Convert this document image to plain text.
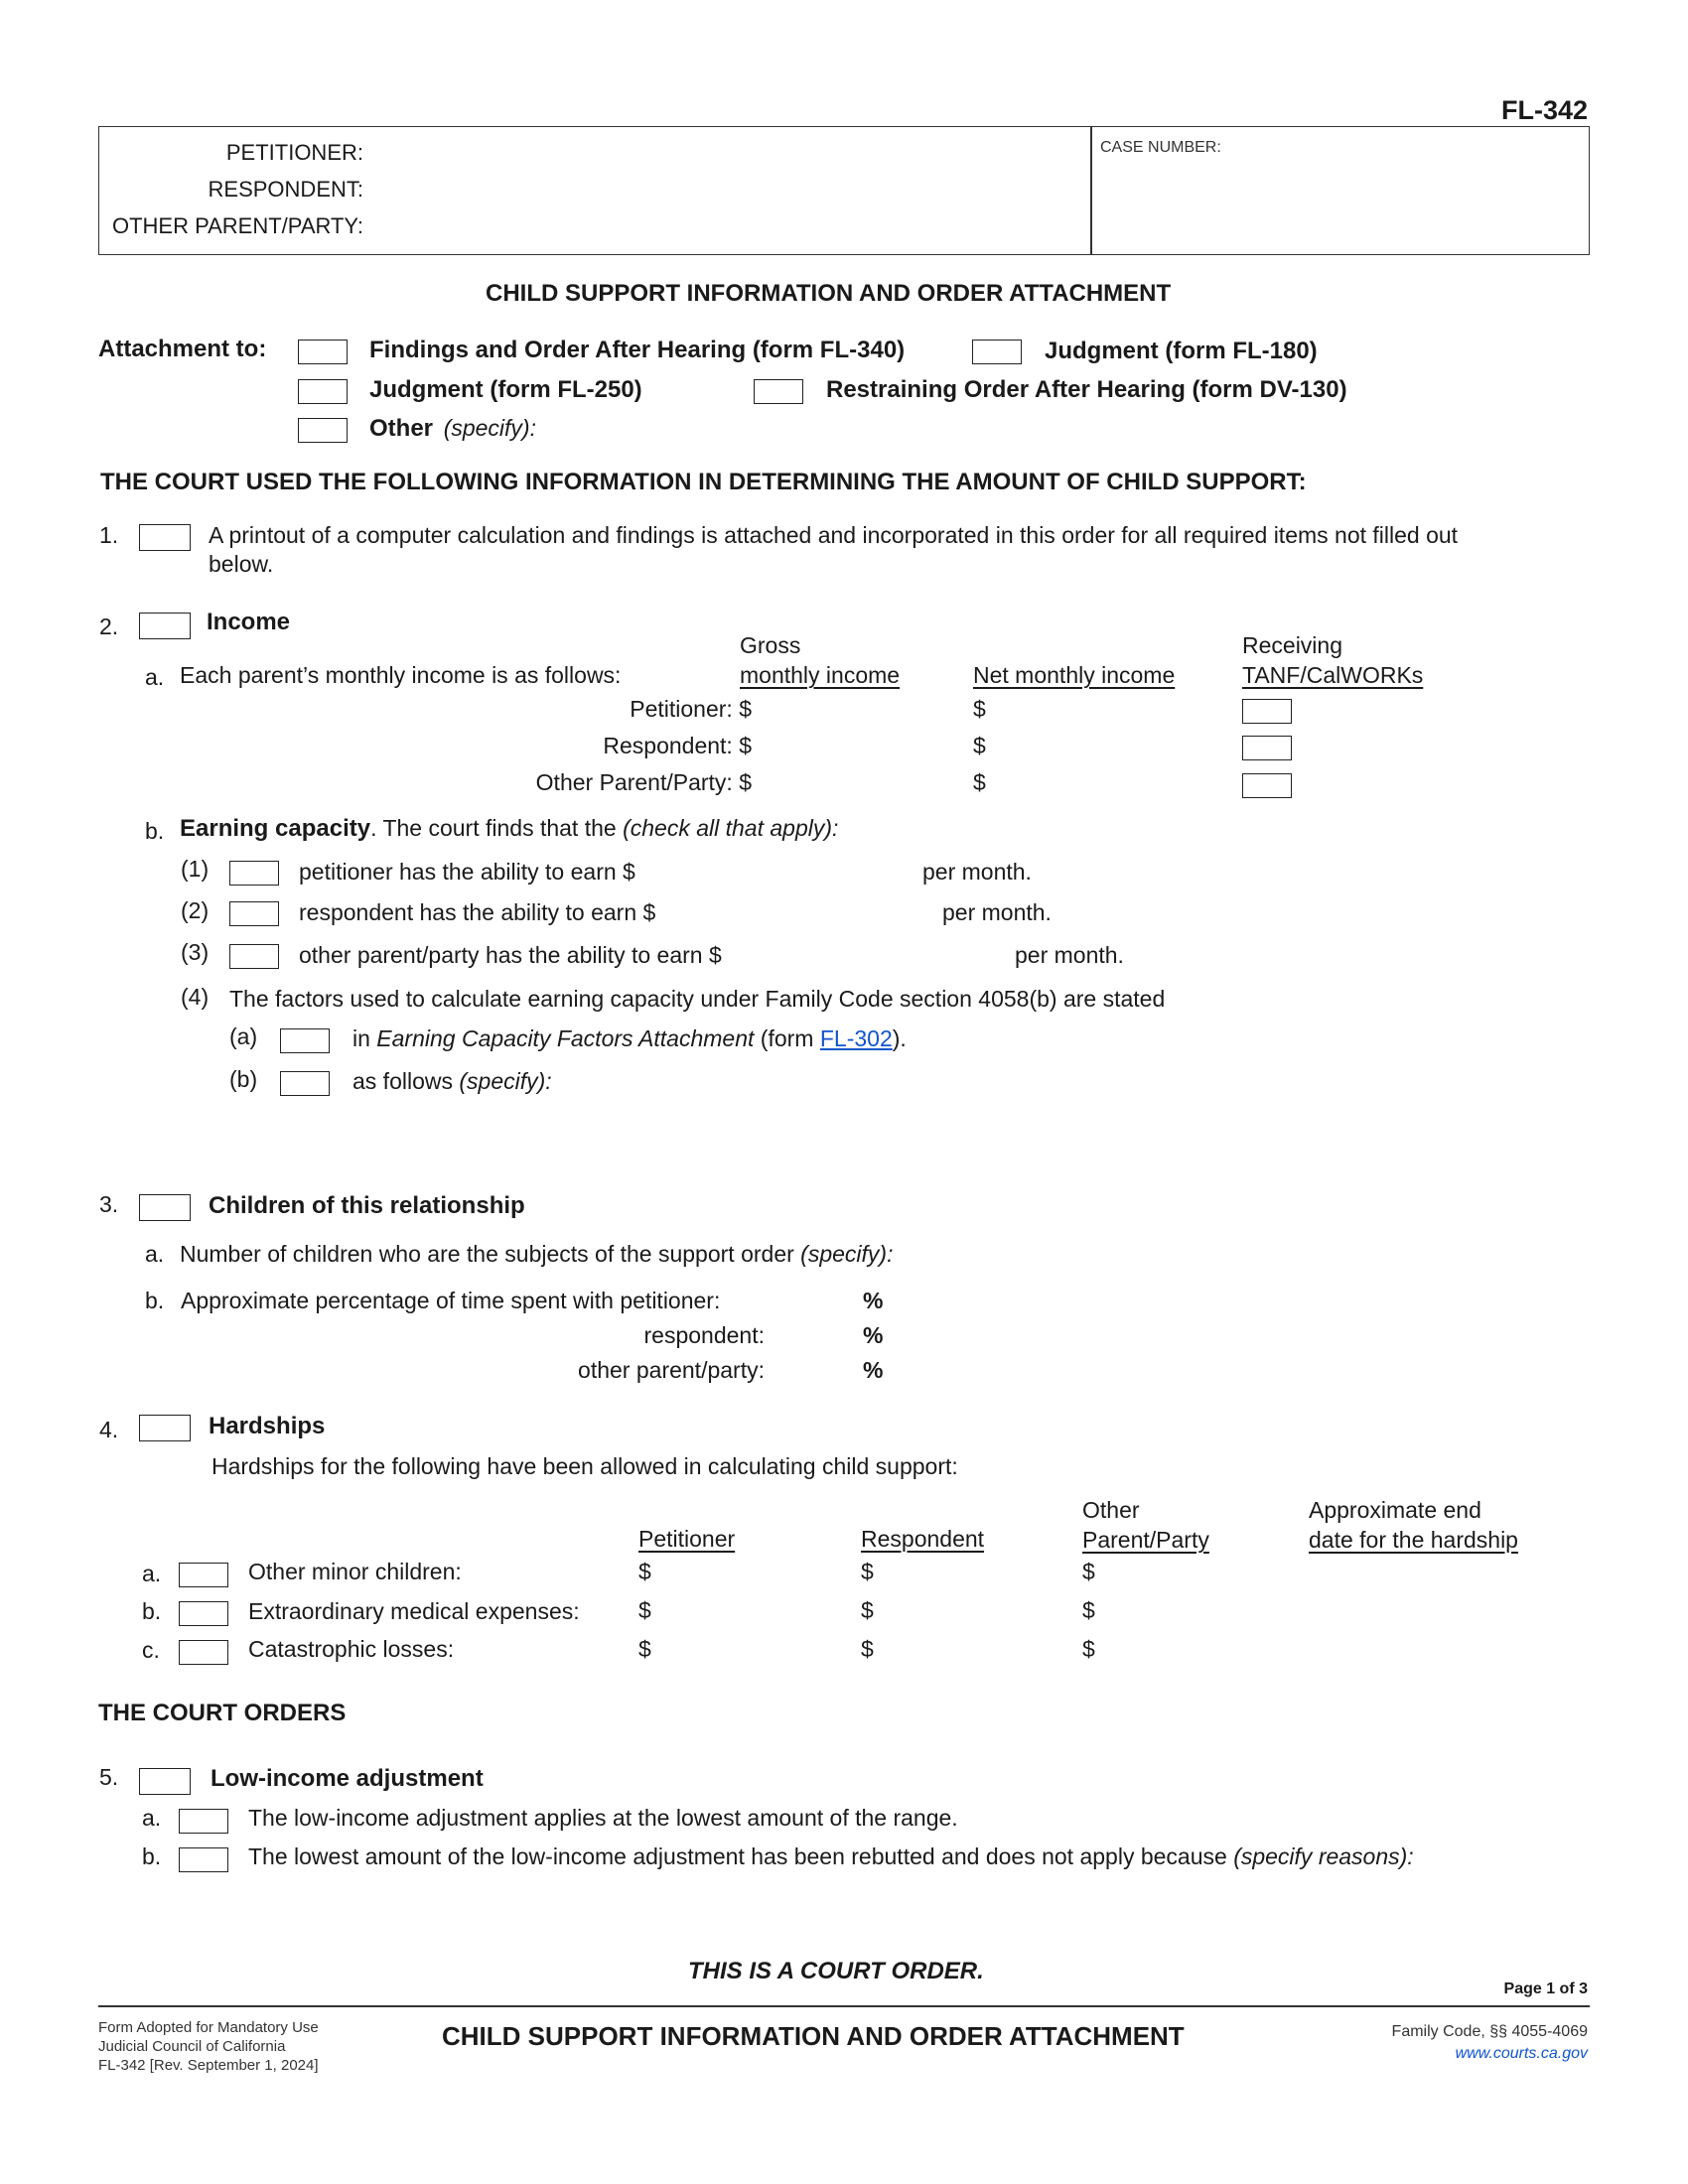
FL-342
PETITIONER:
RESPONDENT:
OTHER PARENT/PARTY:
CASE NUMBER:
CHILD SUPPORT INFORMATION AND ORDER ATTACHMENT
Attachment to:	Findings and Order After Hearing (form FL-340)	Judgment (form FL-180)
Judgment (form FL-250)	Restraining Order After Hearing (form DV-130)
Other (specify):
THE COURT USED THE FOLLOWING INFORMATION IN DETERMINING THE AMOUNT OF CHILD SUPPORT:
1.	A printout of a computer calculation and findings is attached and incorporated in this order for all required items not filled out
below.
2.	Income
Gross	Receiving
a. Each parent’s monthly income is as follows:	monthly income	Net monthly income	TANF/CalWORKs
Petitioner: $	$
Respondent: $	$
Other Parent/Party: $	$
b. Earning capacity. The court finds that the (check all that apply):
(1)	petitioner has the ability to earn $	per month.
(2)	respondent has the ability to earn $	per month.
(3)	other parent/party has the ability to earn $	per month.
(4) The factors used to calculate earning capacity under Family Code section 4058(b) are stated
(a)	in Earning Capacity Factors Attachment (form FL-302).
(b)	as follows (specify):
3.	Children of this relationship
a. Number of children who are the subjects of the support order (specify):
b. Approximate percentage of time spent with petitioner:	%
respondent:	%
other parent/party:	%
4.	Hardships
Hardships for the following have been allowed in calculating child support:
Other	Approximate end
Petitioner	Respondent	Parent/Party	date for the hardship
a.	Other minor children:	$	$	$
b.	Extraordinary medical expenses:	$	$	$
c.	Catastrophic losses:	$	$	$
THE COURT ORDERS
5.	Low-income adjustment
a.	The low-income adjustment applies at the lowest amount of the range.
b.	The lowest amount of the low-income adjustment has been rebutted and does not apply because (specify reasons):
THIS IS A COURT ORDER.
Page 1 of 3
Form Adopted for Mandatory Use
Judicial Council of California
FL-342 [Rev. September 1, 2024]
CHILD SUPPORT INFORMATION AND ORDER ATTACHMENT	Family Code, §§ 4055-4069
www.courts.ca.gov
